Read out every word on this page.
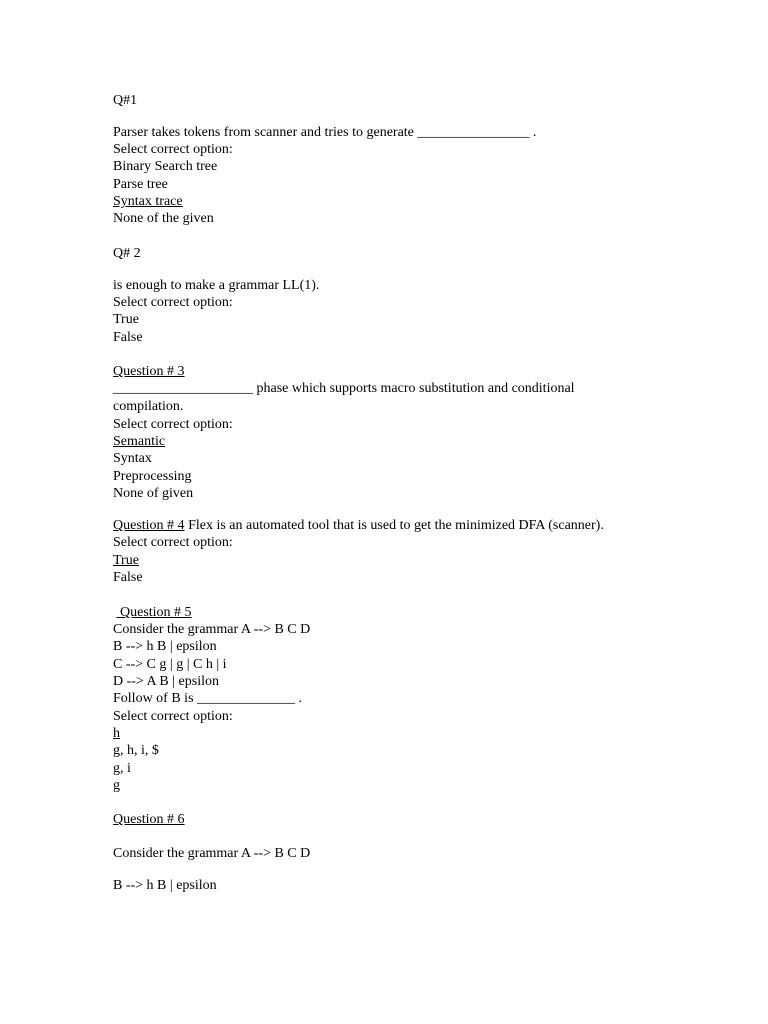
Q#1
Parser takes tokens from scanner and tries to generate ________________ .
Select correct option:
Binary Search tree
Parse tree
Syntax trace
None of the given
Q# 2
is enough to make a grammar LL(1).
Select correct option:
True
False
Question # 3
____________________ phase which supports macro substitution and conditional
compilation.
Select correct option:
Semantic
Syntax
Preprocessing
None of given
Question # 4 Flex is an automated tool that is used to get the minimized DFA (scanner).
Select correct option:
True
False
Question # 5
Consider the grammar A --> B C D
B --> h B | epsilon
C --> C g | g | C h | i
D --> A B | epsilon
Follow of B is ______________ .
Select correct option:
h
g, h, i, $
g, i
g
Question # 6
Consider the grammar A --> B C D
B --> h B | epsilon
